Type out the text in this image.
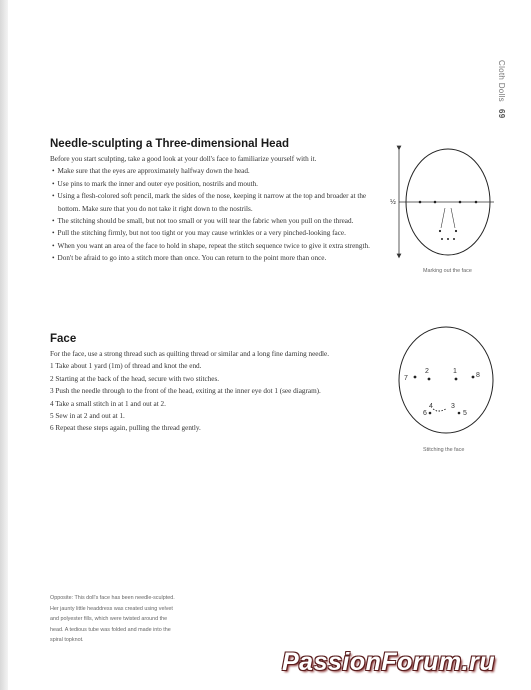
Cloth Dolls 69
Needle-sculpting a Three-dimensional Head

Before you start sculpting, take a good look at your doll's face to familiarize yourself with it.

• Make sure that the eyes are approximately halfway down the head.

• Use pins to mark the inner and outer eye position, nostrils and mouth.

• Using a flesh-colored soft pencil, mark the sides of the nose, keeping it narrow at the top and broader at the bottom. Make sure that you do not take it right down to the nostrils.

• The stitching should be small, but not too small or you will tear the fabric when you pull on the thread.

• Pull the stitching firmly, but not too tight or you may cause wrinkles or a very pinched-looking face.

• When you want an area of the face to hold in shape, repeat the stitch sequence twice to give it extra strength.

• Don't be afraid to go into a stitch more than once. You can return to the point more than once.

Face

For the face, use a strong thread such as quilting thread or similar and a long fine darning needle.

1 Take about 1 yard (1m) of thread and knot the end.

2 Starting at the back of the head, secure with two stitches.

3 Push the needle through to the front of the head, exiting at the inner eye dot 1 (see diagram).

4 Take a small stitch in at 1 and out at 2.

5 Sew in at 2 and out at 1.

6 Repeat these steps again, pulling the thread gently.

½
Marking out the face
7
2	1
8
4	3
6	5
Stitching the face
Opposite: This doll's face has been needle-sculpted. Her jaunty little headdress was created using velvet and polyester fills, which were twisted around the head. A tedious tube was folded and made into the spiral topknot.
PassionForum.ru
